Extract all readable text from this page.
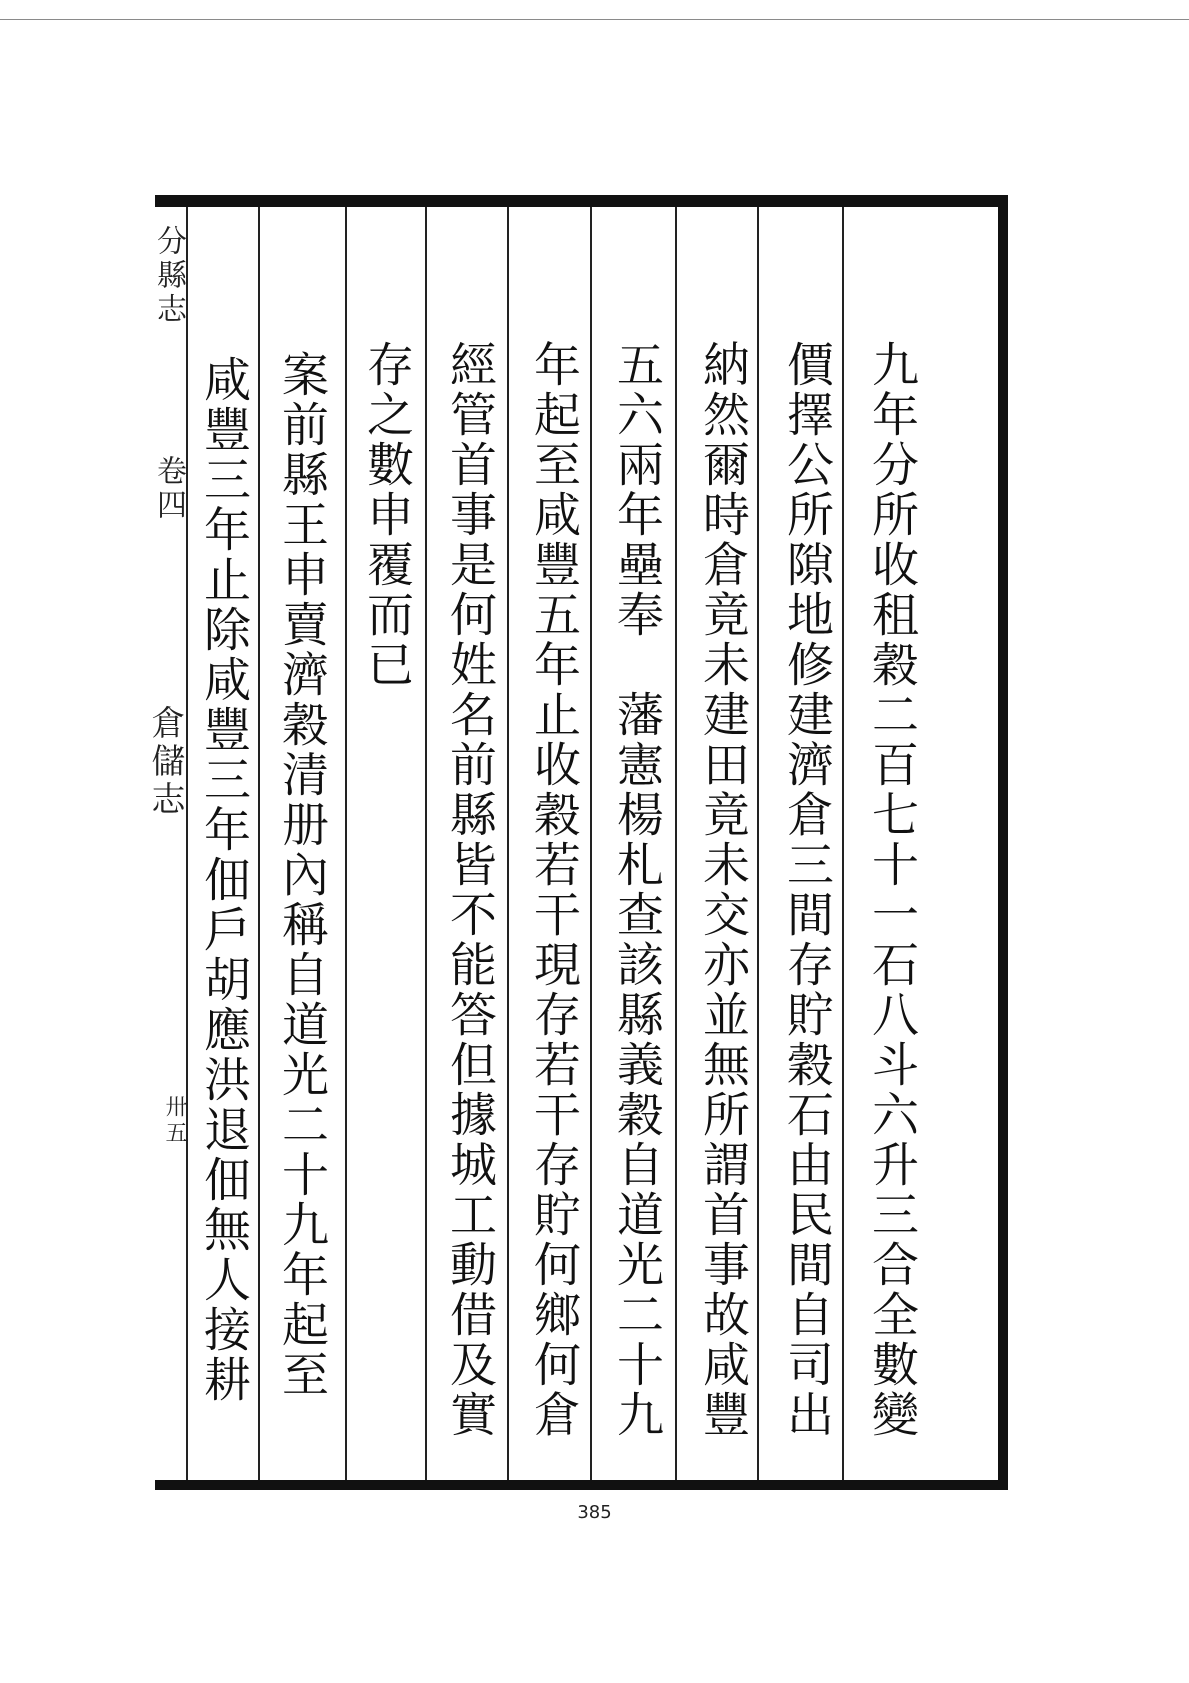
九年分所收租穀二百七十一石八斗六升三合全數變
價擇公所隙地修建濟倉三間存貯穀石由民間自司出
納然爾時倉竟未建田竟未交亦並無所謂首事故咸豐
五六兩年壘奉　藩憲楊札查該縣義穀自道光二十九
年起至咸豐五年止收穀若干現存若干存貯何鄉何倉
經管首事是何姓名前縣皆不能答但據城工動借及實
存之數申覆而已
案前縣王申賣濟穀清册內稱自道光二十九年起至
咸豐三年止除咸豐三年佃戶胡應洪退佃無人接耕
分縣志
卷四
倉儲志
卅五
385
